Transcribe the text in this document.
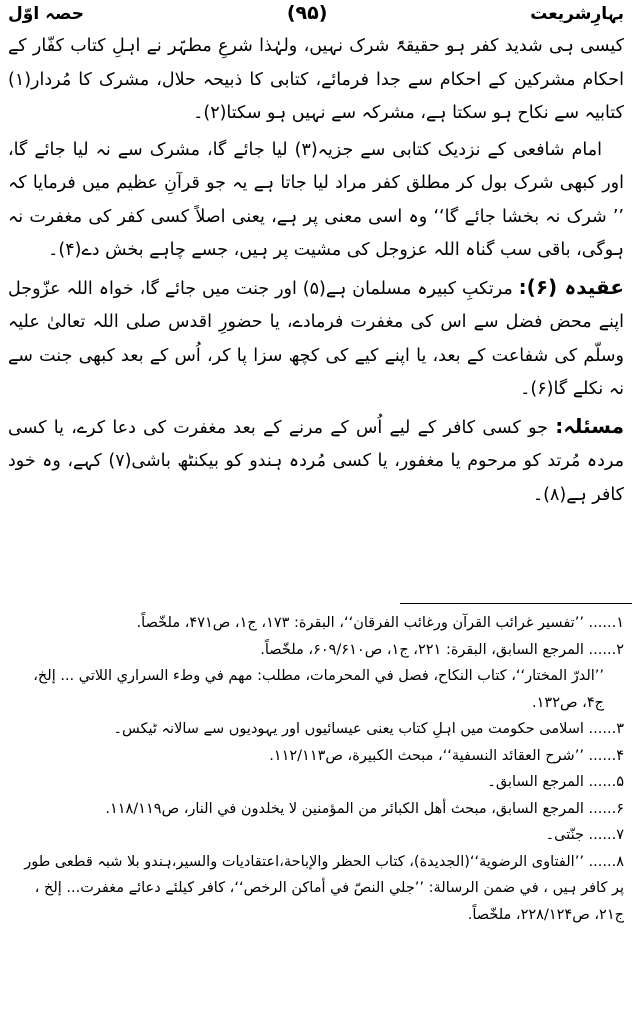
بہارِشریعت
(۹۵)
حصہ اوّل

کیسی ہی شدید کفر ہو حقیقۃً شرک نہیں، ولہٰذا شرعِ مطہّر نے اہلِ کتاب کفّار کے احکام مشرکین کے احکام سے جدا فرمائے، کتابی کا ذبیحہ حلال، مشرک کا مُردار(۱) کتابیہ سے نکاح ہو سکتا ہے، مشرکہ سے نہیں ہو سکتا(۲)۔

امام شافعی کے نزدیک کتابی سے جزیہ(۳) لیا جائے گا، مشرک سے نہ لیا جائے گا، اور کبھی شرک بول کر مطلق کفر مراد لیا جاتا ہے یہ جو قرآنِ عظیم میں فرمایا کہ ’’ شرک نہ بخشا جائے گا‘‘ وہ اسی معنی پر ہے، یعنی اصلاً کسی کفر کی مغفرت نہ ہوگی، باقی سب گناہ اللہ عزوجل کی مشیت پر ہیں، جسے چاہے بخش دے(۴)۔

عقیدہ (۶): مرتکبِ کبیرہ مسلمان ہے(۵) اور جنت میں جائے گا، خواہ اللہ عزّوجل اپنے محض فضل سے اس کی مغفرت فرمادے، یا حضورِ اقدس صلی اللہ تعالیٰ علیہ وسلّم کی شفاعت کے بعد، یا اپنے کیے کی کچھ سزا پا کر، اُس کے بعد کبھی جنت سے نہ نکلے گا(۶)۔

مسئلہ: جو کسی کافر کے لیے اُس کے مرنے کے بعد مغفرت کی دعا کرے، یا کسی مردہ مُرتد کو مرحوم یا مغفور، یا کسی مُردہ ہندو کو بیکنٹھ باشی(۷) کہے، وہ خود کافر ہے(۸)۔

۱...... ’’تفسير غرائب القرآن ورغائب الفرقان‘‘، البقرة: ۱۷۳، ج۱، ص۴۷۱، ملخّصاً.

۲...... المرجع السابق، البقرة: ۲۲۱، ج۱، ص۶۰۹/۶۱۰، ملخّصاً.

’’الدرّ المختار‘‘، كتاب النكاح، فصل في المحرمات، مطلب: مهم في وطء السراري اللاتي ... إلخ، ج۴، ص۱۳۲.

۳...... اسلامی حکومت میں اہلِ کتاب یعنی عیسائیوں اور یہودیوں سے سالانہ ٹیکس۔

۴...... ’’شرح العقائد النسفية‘‘، مبحث الكبيرة، ص۱۱۲/۱۱۳.

۵...... المرجع السابق۔

۶...... المرجع السابق، مبحث أهل الكبائر من المؤمنين لا يخلدون في النار، ص۱۱۸/۱۱۹.

۷...... جنّتی۔

۸...... ’’الفتاوى الرضوية‘‘(الجديدة)، كتاب الحظر والإباحة،اعتقاديات والسير،ہندو بلا شبہ قطعی طور پر کافر ہیں ، في ضمن الرسالة: ’’جلي النصّ في أماكن الرخص‘‘، کافر کیلئے دعائے مغفرت... إلخ ، ج۲۱، ص۲۲۸/۱۲۴، ملخّصاً.
